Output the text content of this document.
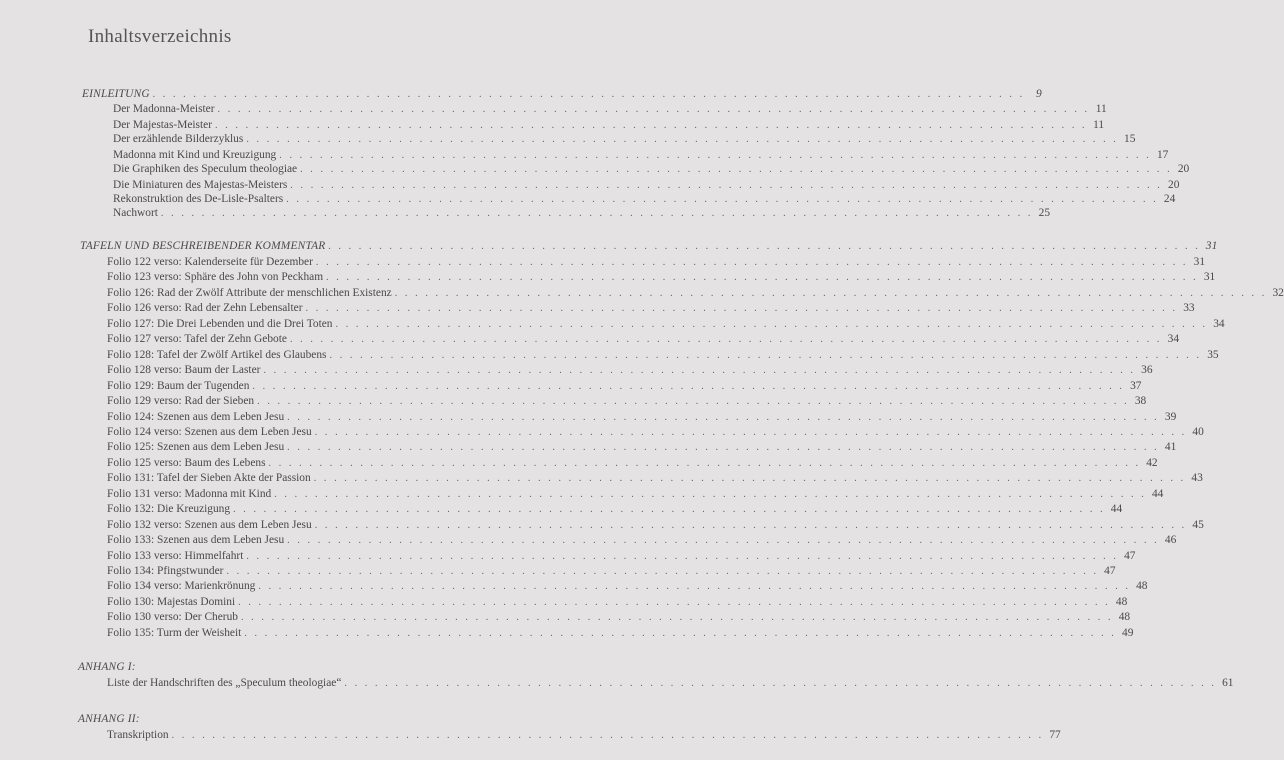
Inhaltsverzeichnis
EINLEITUNG . . . . . . . . . . . . . . . . . . . . . . . . . . . . . . . . . . . . . . . . . . . . . . . . . . . . . . . . . . . . . . . . . . . . . . . . . . . . . . . . . . . . . . 9
Der Madonna-Meister . . . . . . . . . . . . . . . . . . . . . . . . . . . . . . . . . . . . . . . . . . . . . . . . . . . . . . . . . . . . . . . . . . . . . . . . . . . . . . . . . . . . . . 11
Der Majestas-Meister . . . . . . . . . . . . . . . . . . . . . . . . . . . . . . . . . . . . . . . . . . . . . . . . . . . . . . . . . . . . . . . . . . . . . . . . . . . . . . . . . . . . . . 11
Der erzählende Bilderzyklus . . . . . . . . . . . . . . . . . . . . . . . . . . . . . . . . . . . . . . . . . . . . . . . . . . . . . . . . . . . . . . . . . . . . . . . . . . . . . . . . . . . . . . 15
Madonna mit Kind und Kreuzigung . . . . . . . . . . . . . . . . . . . . . . . . . . . . . . . . . . . . . . . . . . . . . . . . . . . . . . . . . . . . . . . . . . . . . . . . . . . . . . . . . . . . . . 17
Die Graphiken des Speculum theologiae . . . . . . . . . . . . . . . . . . . . . . . . . . . . . . . . . . . . . . . . . . . . . . . . . . . . . . . . . . . . . . . . . . . . . . . . . . . . . . . . . . . . . . 20
Die Miniaturen des Majestas-Meisters . . . . . . . . . . . . . . . . . . . . . . . . . . . . . . . . . . . . . . . . . . . . . . . . . . . . . . . . . . . . . . . . . . . . . . . . . . . . . . . . . . . . . . 20
Rekonstruktion des De-Lisle-Psalters . . . . . . . . . . . . . . . . . . . . . . . . . . . . . . . . . . . . . . . . . . . . . . . . . . . . . . . . . . . . . . . . . . . . . . . . . . . . . . . . . . . . . . 24
Nachwort . . . . . . . . . . . . . . . . . . . . . . . . . . . . . . . . . . . . . . . . . . . . . . . . . . . . . . . . . . . . . . . . . . . . . . . . . . . . . . . . . . . . . . 25
TAFELN UND BESCHREIBENDER KOMMENTAR . . . . . . . . . . . . . . . . . . . . . . . . . . . . . . . . . . . . . . . . . . . . . . . . . . . . . . . . . . . . . . . . . . . . . . . . . . . . . . . . . . . . . . 31
Folio 122 verso: Kalenderseite für Dezember . . . . . . . . . . . . . . . . . . . . . . . . . . . . . . . . . . . . . . . . . . . . . . . . . . . . . . . . . . . . . . . . . . . . . . . . . . . . . . . . . . . . . . 31
Folio 123 verso: Sphäre des John von Peckham . . . . . . . . . . . . . . . . . . . . . . . . . . . . . . . . . . . . . . . . . . . . . . . . . . . . . . . . . . . . . . . . . . . . . . . . . . . . . . . . . . . . . . 31
Folio 126: Rad der Zwölf Attribute der menschlichen Existenz . . . . . . . . . . . . . . . . . . . . . . . . . . . . . . . . . . . . . . . . . . . . . . . . . . . . . . . . . . . . . . . . . . . . . . . . . . . . . . . . . . . . . . 32
Folio 126 verso: Rad der Zehn Lebensalter . . . . . . . . . . . . . . . . . . . . . . . . . . . . . . . . . . . . . . . . . . . . . . . . . . . . . . . . . . . . . . . . . . . . . . . . . . . . . . . . . . . . . . 33
Folio 127: Die Drei Lebenden und die Drei Toten . . . . . . . . . . . . . . . . . . . . . . . . . . . . . . . . . . . . . . . . . . . . . . . . . . . . . . . . . . . . . . . . . . . . . . . . . . . . . . . . . . . . . . 34
Folio 127 verso: Tafel der Zehn Gebote . . . . . . . . . . . . . . . . . . . . . . . . . . . . . . . . . . . . . . . . . . . . . . . . . . . . . . . . . . . . . . . . . . . . . . . . . . . . . . . . . . . . . . 34
Folio 128: Tafel der Zwölf Artikel des Glaubens . . . . . . . . . . . . . . . . . . . . . . . . . . . . . . . . . . . . . . . . . . . . . . . . . . . . . . . . . . . . . . . . . . . . . . . . . . . . . . . . . . . . . . 35
Folio 128 verso: Baum der Laster . . . . . . . . . . . . . . . . . . . . . . . . . . . . . . . . . . . . . . . . . . . . . . . . . . . . . . . . . . . . . . . . . . . . . . . . . . . . . . . . . . . . . . 36
Folio 129: Baum der Tugenden . . . . . . . . . . . . . . . . . . . . . . . . . . . . . . . . . . . . . . . . . . . . . . . . . . . . . . . . . . . . . . . . . . . . . . . . . . . . . . . . . . . . . . 37
Folio 129 verso: Rad der Sieben . . . . . . . . . . . . . . . . . . . . . . . . . . . . . . . . . . . . . . . . . . . . . . . . . . . . . . . . . . . . . . . . . . . . . . . . . . . . . . . . . . . . . . 38
Folio 124: Szenen aus dem Leben Jesu . . . . . . . . . . . . . . . . . . . . . . . . . . . . . . . . . . . . . . . . . . . . . . . . . . . . . . . . . . . . . . . . . . . . . . . . . . . . . . . . . . . . . . 39
Folio 124 verso: Szenen aus dem Leben Jesu . . . . . . . . . . . . . . . . . . . . . . . . . . . . . . . . . . . . . . . . . . . . . . . . . . . . . . . . . . . . . . . . . . . . . . . . . . . . . . . . . . . . . . 40
Folio 125: Szenen aus dem Leben Jesu . . . . . . . . . . . . . . . . . . . . . . . . . . . . . . . . . . . . . . . . . . . . . . . . . . . . . . . . . . . . . . . . . . . . . . . . . . . . . . . . . . . . . . 41
Folio 125 verso: Baum des Lebens . . . . . . . . . . . . . . . . . . . . . . . . . . . . . . . . . . . . . . . . . . . . . . . . . . . . . . . . . . . . . . . . . . . . . . . . . . . . . . . . . . . . . . 42
Folio 131: Tafel der Sieben Akte der Passion . . . . . . . . . . . . . . . . . . . . . . . . . . . . . . . . . . . . . . . . . . . . . . . . . . . . . . . . . . . . . . . . . . . . . . . . . . . . . . . . . . . . . . 43
Folio 131 verso: Madonna mit Kind . . . . . . . . . . . . . . . . . . . . . . . . . . . . . . . . . . . . . . . . . . . . . . . . . . . . . . . . . . . . . . . . . . . . . . . . . . . . . . . . . . . . . . 44
Folio 132: Die Kreuzigung . . . . . . . . . . . . . . . . . . . . . . . . . . . . . . . . . . . . . . . . . . . . . . . . . . . . . . . . . . . . . . . . . . . . . . . . . . . . . . . . . . . . . . 44
Folio 132 verso: Szenen aus dem Leben Jesu . . . . . . . . . . . . . . . . . . . . . . . . . . . . . . . . . . . . . . . . . . . . . . . . . . . . . . . . . . . . . . . . . . . . . . . . . . . . . . . . . . . . . . 45
Folio 133: Szenen aus dem Leben Jesu . . . . . . . . . . . . . . . . . . . . . . . . . . . . . . . . . . . . . . . . . . . . . . . . . . . . . . . . . . . . . . . . . . . . . . . . . . . . . . . . . . . . . . 46
Folio 133 verso: Himmelfahrt . . . . . . . . . . . . . . . . . . . . . . . . . . . . . . . . . . . . . . . . . . . . . . . . . . . . . . . . . . . . . . . . . . . . . . . . . . . . . . . . . . . . . . 47
Folio 134: Pfingstwunder . . . . . . . . . . . . . . . . . . . . . . . . . . . . . . . . . . . . . . . . . . . . . . . . . . . . . . . . . . . . . . . . . . . . . . . . . . . . . . . . . . . . . . 47
Folio 134 verso: Marienkrönung . . . . . . . . . . . . . . . . . . . . . . . . . . . . . . . . . . . . . . . . . . . . . . . . . . . . . . . . . . . . . . . . . . . . . . . . . . . . . . . . . . . . . . 48
Folio 130: Majestas Domini . . . . . . . . . . . . . . . . . . . . . . . . . . . . . . . . . . . . . . . . . . . . . . . . . . . . . . . . . . . . . . . . . . . . . . . . . . . . . . . . . . . . . . 48
Folio 130 verso: Der Cherub . . . . . . . . . . . . . . . . . . . . . . . . . . . . . . . . . . . . . . . . . . . . . . . . . . . . . . . . . . . . . . . . . . . . . . . . . . . . . . . . . . . . . . 48
Folio 135: Turm der Weisheit . . . . . . . . . . . . . . . . . . . . . . . . . . . . . . . . . . . . . . . . . . . . . . . . . . . . . . . . . . . . . . . . . . . . . . . . . . . . . . . . . . . . . . 49
ANHANG I:
Liste der Handschriften des „Speculum theologiae“ . . . . . . . . . . . . . . . . . . . . . . . . . . . . . . . . . . . . . . . . . . . . . . . . . . . . . . . . . . . . . . . . . . . . . . . . . . . . . . . . . . . . . . 61
ANHANG II:
Transkription . . . . . . . . . . . . . . . . . . . . . . . . . . . . . . . . . . . . . . . . . . . . . . . . . . . . . . . . . . . . . . . . . . . . . . . . . . . . . . . . . . . . . . 77
